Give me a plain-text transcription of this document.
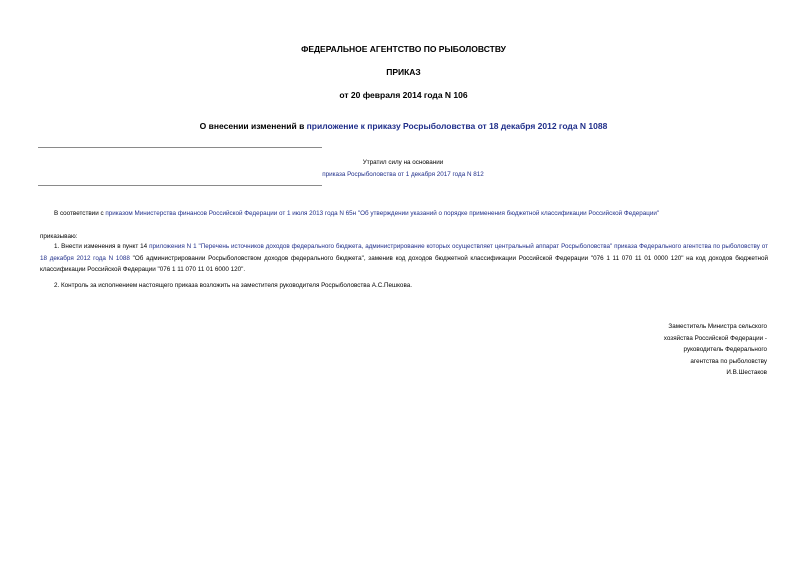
ФЕДЕРАЛЬНОЕ АГЕНТСТВО ПО РЫБОЛОВСТВУ
ПРИКАЗ
от 20 февраля 2014 года N 106
О внесении изменений в приложение к приказу Росрыболовства от 18 декабря 2012 года N 1088
Утратил силу на основании
приказа Росрыболовства от 1 декабря 2017 года N 812
В соответствии с приказом Министерства финансов Российской Федерации от 1 июля 2013 года N 65н "Об утверждении указаний о порядке применения бюджетной классификации Российской Федерации"
приказываю:
1. Внести изменения в пункт 14 приложения N 1 "Перечень источников доходов федерального бюджета, администрирование которых осуществляет центральный аппарат Росрыболовства" приказа Федерального агентства по рыболовству от 18 декабря 2012 года N 1088 "Об администрировании Росрыболовством доходов федерального бюджета", заменив код доходов бюджетной классификации Российской Федерации "076 1 11 070 11 01 0000 120" на код доходов бюджетной классификации Российской Федерации "076 1 11 070 11 01 6000 120".
2. Контроль за исполнением настоящего приказа возложить на заместителя руководителя Росрыболовства А.С.Пешкова.
Заместитель Министра сельского
хозяйства Российской Федерации -
руководитель Федерального
агентства по рыболовству
И.В.Шестаков
